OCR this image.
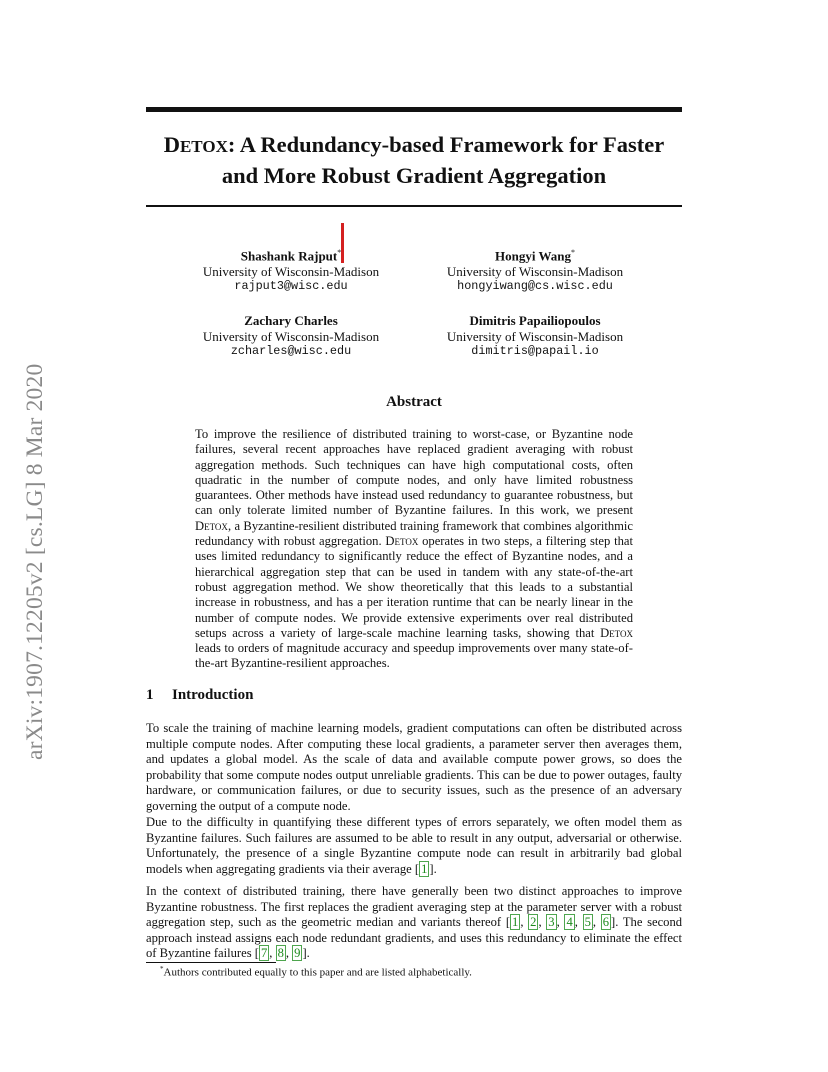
arXiv:1907.12205v2 [cs.LG] 8 Mar 2020
DETOX: A Redundancy-based Framework for Faster
and More Robust Gradient Aggregation
Shashank Rajput*
University of Wisconsin-Madison
rajput3@wisc.edu
Hongyi Wang*
University of Wisconsin-Madison
hongyiwang@cs.wisc.edu
Zachary Charles
University of Wisconsin-Madison
zcharles@wisc.edu
Dimitris Papailiopoulos
University of Wisconsin-Madison
dimitris@papail.io
Abstract
To improve the resilience of distributed training to worst-case, or Byzantine node failures, several recent approaches have replaced gradient averaging with robust aggregation methods. Such techniques can have high computational costs, often quadratic in the number of compute nodes, and only have limited robustness guarantees. Other methods have instead used redundancy to guarantee robustness, but can only tolerate limited number of Byzantine failures. In this work, we present Detox, a Byzantine-resilient distributed training framework that combines algorithmic redundancy with robust aggregation. Detox operates in two steps, a filtering step that uses limited redundancy to significantly reduce the effect of Byzantine nodes, and a hierarchical aggregation step that can be used in tandem with any state-of-the-art robust aggregation method. We show theoretically that this leads to a substantial increase in robustness, and has a per iteration runtime that can be nearly linear in the number of compute nodes. We provide extensive experiments over real distributed setups across a variety of large-scale machine learning tasks, showing that Detox leads to orders of magnitude accuracy and speedup improvements over many state-of-the-art Byzantine-resilient approaches.
1 Introduction

To scale the training of machine learning models, gradient computations can often be distributed across multiple compute nodes. After computing these local gradients, a parameter server then averages them, and updates a global model. As the scale of data and available compute power grows, so does the probability that some compute nodes output unreliable gradients. This can be due to power outages, faulty hardware, or communication failures, or due to security issues, such as the presence of an adversary governing the output of a compute node.

Due to the difficulty in quantifying these different types of errors separately, we often model them as Byzantine failures. Such failures are assumed to be able to result in any output, adversarial or otherwise. Unfortunately, the presence of a single Byzantine compute node can result in arbitrarily bad global models when aggregating gradients via their average [ 1 ].

In the context of distributed training, there have generally been two distinct approaches to improve Byzantine robustness. The first replaces the gradient averaging step at the parameter server with a robust aggregation step, such as the geometric median and variants thereof [ 1 , 2 , 3 , 4 , 5 , 6 ]. The second approach instead assigns each node redundant gradients, and uses this redundancy to eliminate the effect of Byzantine failures [ 7 , 8 , 9 ].

*Authors contributed equally to this paper and are listed alphabetically.
